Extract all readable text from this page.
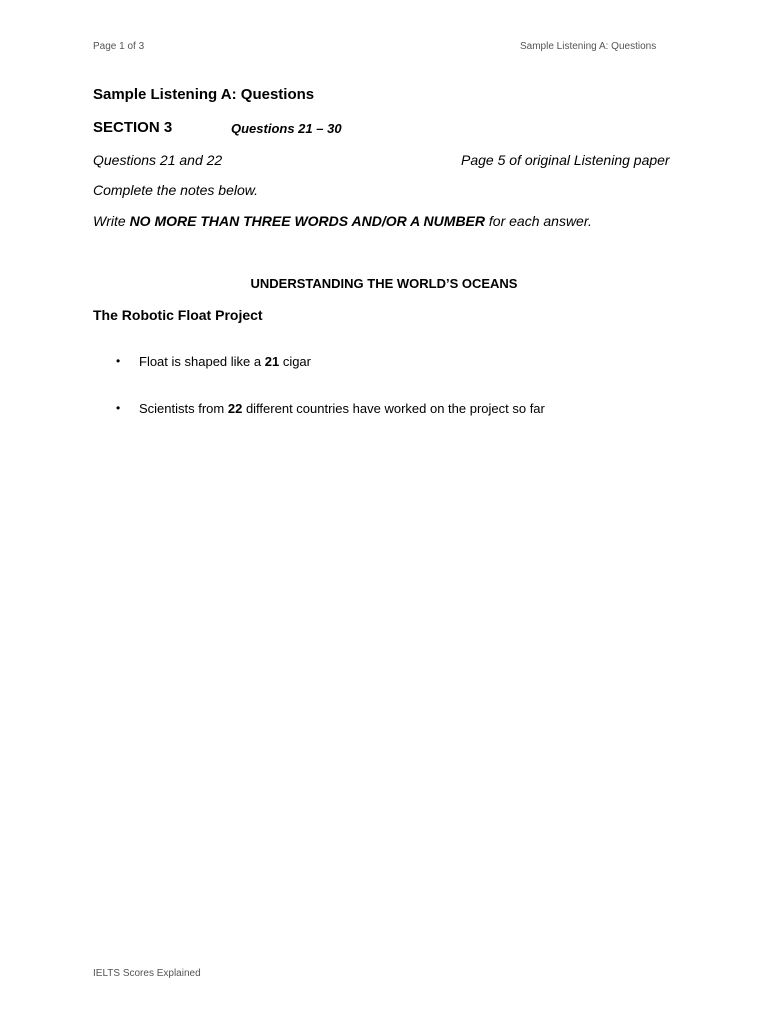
Page 1 of 3	Sample Listening A: Questions
Sample Listening A: Questions
SECTION 3	Questions 21 – 30
Questions 21 and 22	Page 5 of original Listening paper
Complete the notes below.
Write NO MORE THAN THREE WORDS AND/OR A NUMBER for each answer.
UNDERSTANDING THE WORLD’S OCEANS
The Robotic Float Project
• Float is shaped like a 21 cigar
• Scientists from 22 different countries have worked on the project so far
IELTS Scores Explained
